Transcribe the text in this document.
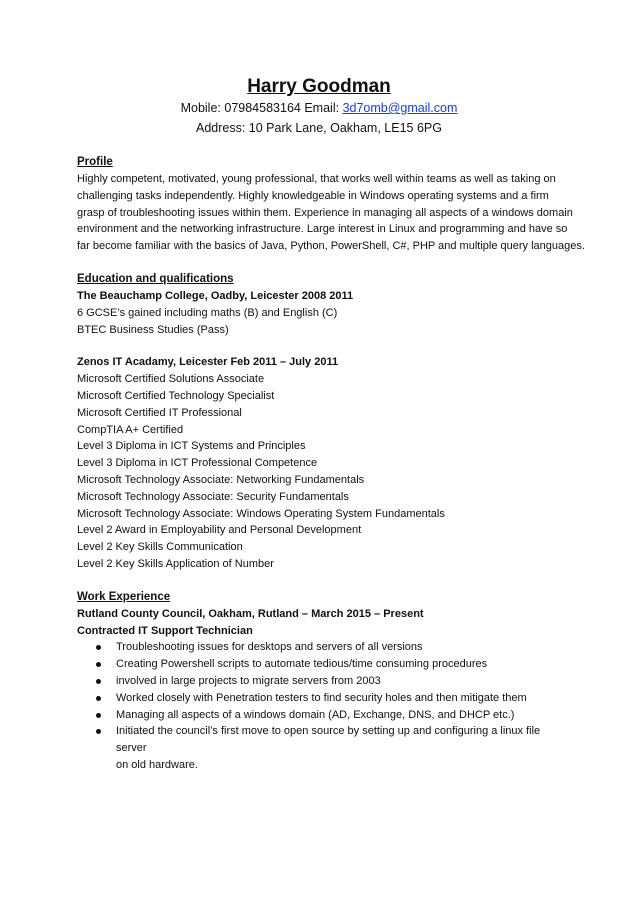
Harry Goodman
Mobile: 07984583164 Email: 3d7omb@gmail.com
Address: 10 Park Lane, Oakham, LE15 6PG
Profile
Highly competent, motivated, young professional, that works well within teams as well as taking on
challenging tasks independently. Highly knowledgeable in Windows operating systems and a firm
grasp of troubleshooting issues within them. Experience in managing all aspects of a windows domain
environment and the networking infrastructure. Large interest in Linux and programming and have so
far become familiar with the basics of Java, Python, PowerShell, C#, PHP and multiple query languages.
Education and qualifications
The Beauchamp College, Oadby, Leicester 2008 2011
6 GCSE’s gained including maths (B) and English (C)
BTEC Business Studies (Pass)
Zenos IT Acadamy, Leicester Feb 2011 – July 2011
Microsoft Certified Solutions Associate
Microsoft Certified Technology Specialist
Microsoft Certified IT Professional
CompTIA A+ Certified
Level 3 Diploma in ICT Systems and Principles
Level 3 Diploma in ICT Professional Competence
Microsoft Technology Associate: Networking Fundamentals
Microsoft Technology Associate: Security Fundamentals
Microsoft Technology Associate: Windows Operating System Fundamentals
Level 2 Award in Employability and Personal Development
Level 2 Key Skills Communication
Level 2 Key Skills Application of Number
Work Experience
Rutland County Council, Oakham, Rutland – March 2015 – Present
Contracted IT Support Technician
Troubleshooting issues for desktops and servers of all versions
Creating Powershell scripts to automate tedious/time consuming procedures
involved in large projects to migrate servers from 2003
Worked closely with Penetration testers to find security holes and then mitigate them
Managing all aspects of a windows domain (AD, Exchange, DNS, and DHCP etc.)
Initiated the council’s first move to open source by setting up and configuring a linux file server
on old hardware.
